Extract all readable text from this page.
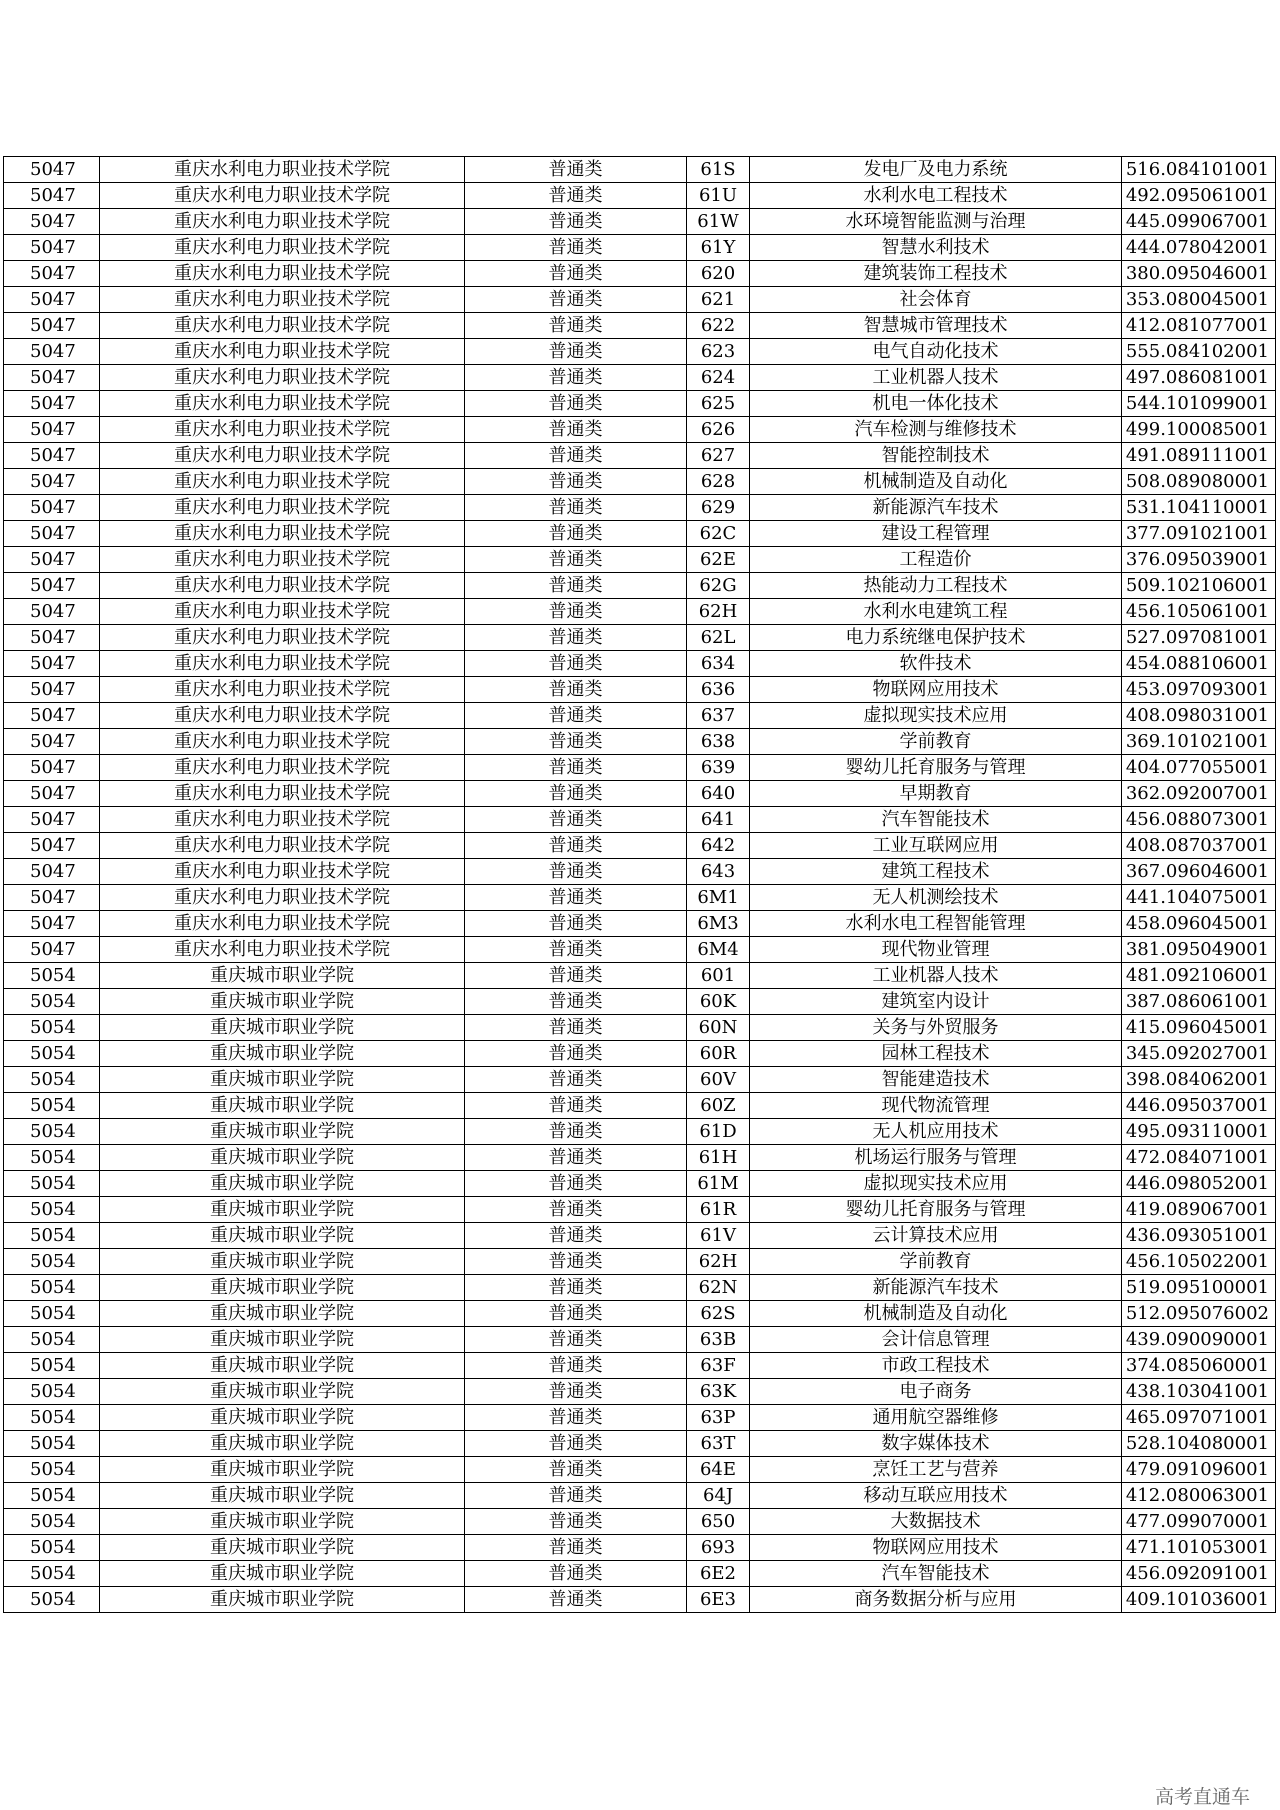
5047	重庆水利电力职业技术学院	普通类	61S	发电厂及电力系统	516.084101001
5047	重庆水利电力职业技术学院	普通类	61U	水利水电工程技术	492.095061001
5047	重庆水利电力职业技术学院	普通类	61W	水环境智能监测与治理	445.099067001
5047	重庆水利电力职业技术学院	普通类	61Y	智慧水利技术	444.078042001
5047	重庆水利电力职业技术学院	普通类	620	建筑装饰工程技术	380.095046001
5047	重庆水利电力职业技术学院	普通类	621	社会体育	353.080045001
5047	重庆水利电力职业技术学院	普通类	622	智慧城市管理技术	412.081077001
5047	重庆水利电力职业技术学院	普通类	623	电气自动化技术	555.084102001
5047	重庆水利电力职业技术学院	普通类	624	工业机器人技术	497.086081001
5047	重庆水利电力职业技术学院	普通类	625	机电一体化技术	544.101099001
5047	重庆水利电力职业技术学院	普通类	626	汽车检测与维修技术	499.100085001
5047	重庆水利电力职业技术学院	普通类	627	智能控制技术	491.089111001
5047	重庆水利电力职业技术学院	普通类	628	机械制造及自动化	508.089080001
5047	重庆水利电力职业技术学院	普通类	629	新能源汽车技术	531.104110001
5047	重庆水利电力职业技术学院	普通类	62C	建设工程管理	377.091021001
5047	重庆水利电力职业技术学院	普通类	62E	工程造价	376.095039001
5047	重庆水利电力职业技术学院	普通类	62G	热能动力工程技术	509.102106001
5047	重庆水利电力职业技术学院	普通类	62H	水利水电建筑工程	456.105061001
5047	重庆水利电力职业技术学院	普通类	62L	电力系统继电保护技术	527.097081001
5047	重庆水利电力职业技术学院	普通类	634	软件技术	454.088106001
5047	重庆水利电力职业技术学院	普通类	636	物联网应用技术	453.097093001
5047	重庆水利电力职业技术学院	普通类	637	虚拟现实技术应用	408.098031001
5047	重庆水利电力职业技术学院	普通类	638	学前教育	369.101021001
5047	重庆水利电力职业技术学院	普通类	639	婴幼儿托育服务与管理	404.077055001
5047	重庆水利电力职业技术学院	普通类	640	早期教育	362.092007001
5047	重庆水利电力职业技术学院	普通类	641	汽车智能技术	456.088073001
5047	重庆水利电力职业技术学院	普通类	642	工业互联网应用	408.087037001
5047	重庆水利电力职业技术学院	普通类	643	建筑工程技术	367.096046001
5047	重庆水利电力职业技术学院	普通类	6M1	无人机测绘技术	441.104075001
5047	重庆水利电力职业技术学院	普通类	6M3	水利水电工程智能管理	458.096045001
5047	重庆水利电力职业技术学院	普通类	6M4	现代物业管理	381.095049001
5054	重庆城市职业学院	普通类	601	工业机器人技术	481.092106001
5054	重庆城市职业学院	普通类	60K	建筑室内设计	387.086061001
5054	重庆城市职业学院	普通类	60N	关务与外贸服务	415.096045001
5054	重庆城市职业学院	普通类	60R	园林工程技术	345.092027001
5054	重庆城市职业学院	普通类	60V	智能建造技术	398.084062001
5054	重庆城市职业学院	普通类	60Z	现代物流管理	446.095037001
5054	重庆城市职业学院	普通类	61D	无人机应用技术	495.093110001
5054	重庆城市职业学院	普通类	61H	机场运行服务与管理	472.084071001
5054	重庆城市职业学院	普通类	61M	虚拟现实技术应用	446.098052001
5054	重庆城市职业学院	普通类	61R	婴幼儿托育服务与管理	419.089067001
5054	重庆城市职业学院	普通类	61V	云计算技术应用	436.093051001
5054	重庆城市职业学院	普通类	62H	学前教育	456.105022001
5054	重庆城市职业学院	普通类	62N	新能源汽车技术	519.095100001
5054	重庆城市职业学院	普通类	62S	机械制造及自动化	512.095076002
5054	重庆城市职业学院	普通类	63B	会计信息管理	439.090090001
5054	重庆城市职业学院	普通类	63F	市政工程技术	374.085060001
5054	重庆城市职业学院	普通类	63K	电子商务	438.103041001
5054	重庆城市职业学院	普通类	63P	通用航空器维修	465.097071001
5054	重庆城市职业学院	普通类	63T	数字媒体技术	528.104080001
5054	重庆城市职业学院	普通类	64E	烹饪工艺与营养	479.091096001
5054	重庆城市职业学院	普通类	64J	移动互联应用技术	412.080063001
5054	重庆城市职业学院	普通类	650	大数据技术	477.099070001
5054	重庆城市职业学院	普通类	693	物联网应用技术	471.101053001
5054	重庆城市职业学院	普通类	6E2	汽车智能技术	456.092091001
5054	重庆城市职业学院	普通类	6E3	商务数据分析与应用	409.101036001
高考直通车
